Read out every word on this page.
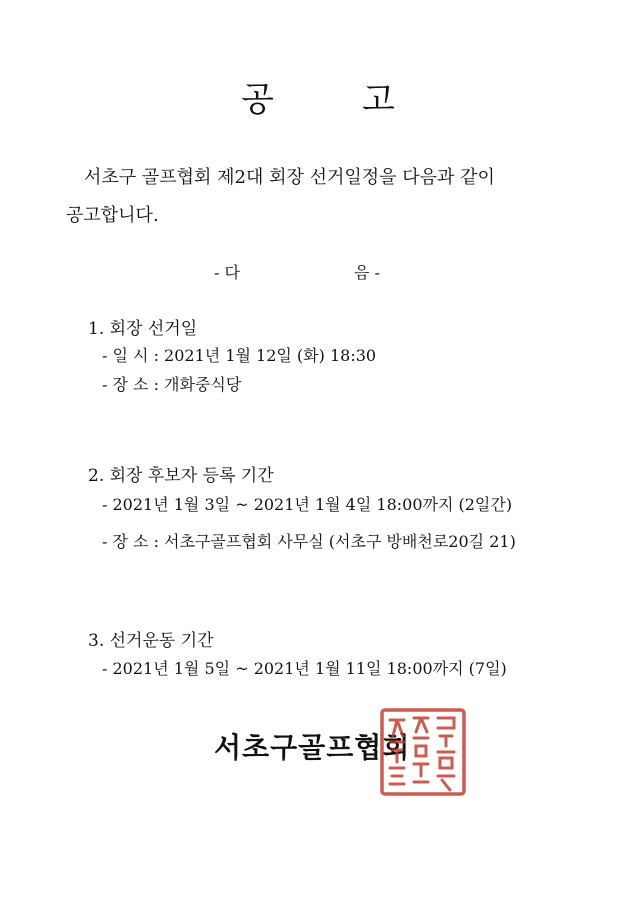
공	고
서초구 골프협회 제2대 회장 선거일정을 다음과 같이
공고합니다.
- 다	음 -
1. 회장 선거일
- 일 시 : 2021년 1월 12일 (화) 18:30
- 장 소 : 개화중식당
2. 회장 후보자 등록 기간
- 2021년 1월 3일 ~ 2021년 1월 4일 18:00까지 (2일간)
- 장 소 : 서초구골프협회 사무실 (서초구 방배천로20길 21)
3. 선거운동 기간
- 2021년 1월 5일 ~ 2021년 1월 11일 18:00까지 (7일)
서초구골프협회
